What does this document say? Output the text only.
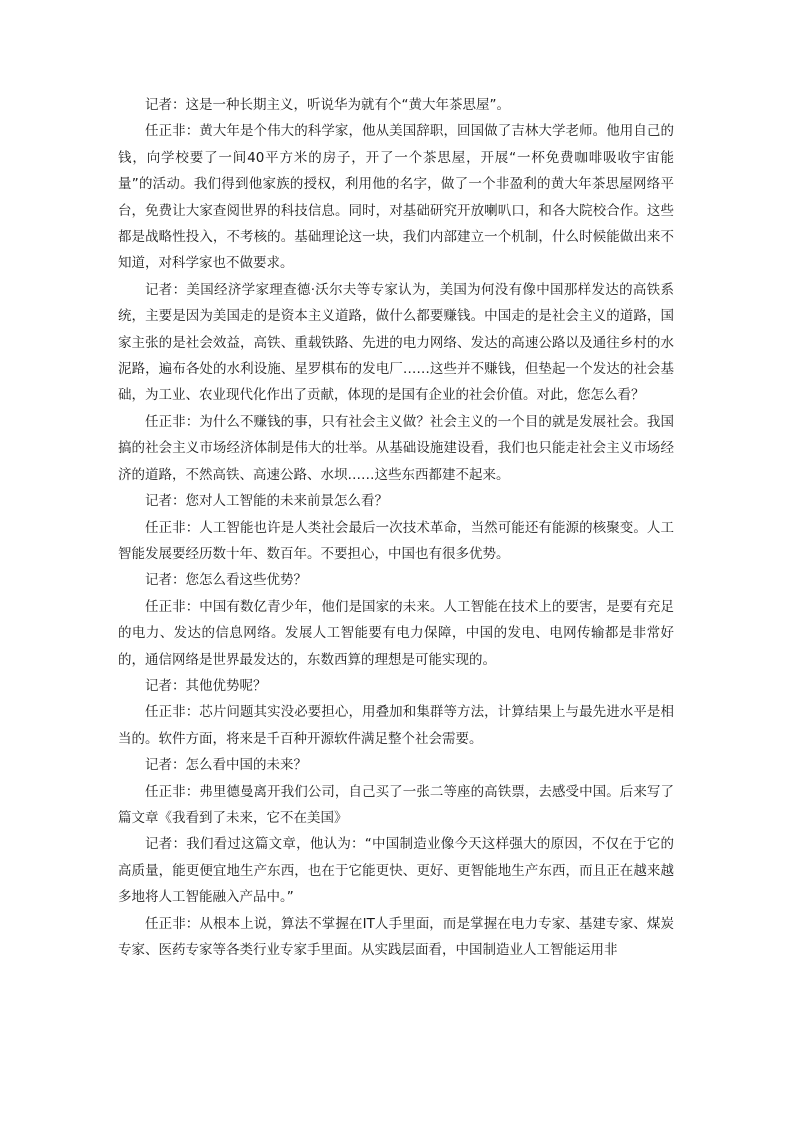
记者：这是一种长期主义，听说华为就有个“黄大年茶思屋”。

任正非：黄大年是个伟大的科学家，他从美国辞职，回国做了吉林大学老师。他用自己的钱，向学校要了一间40平方米的房子，开了一个茶思屋，开展“一杯免费咖啡吸收宇宙能量”的活动。我们得到他家族的授权，利用他的名字，做了一个非盈利的黄大年茶思屋网络平台，免费让大家查阅世界的科技信息。同时，对基础研究开放喇叭口，和各大院校合作。这些都是战略性投入，不考核的。基础理论这一块，我们内部建立一个机制，什么时候能做出来不知道，对科学家也不做要求。

记者：美国经济学家理查德·沃尔夫等专家认为，美国为何没有像中国那样发达的高铁系统，主要是因为美国走的是资本主义道路，做什么都要赚钱。中国走的是社会主义的道路，国家主张的是社会效益，高铁、重载铁路、先进的电力网络、发达的高速公路以及通往乡村的水泥路，遍布各处的水利设施、星罗棋布的发电厂……这些并不赚钱，但垫起一个发达的社会基础，为工业、农业现代化作出了贡献，体现的是国有企业的社会价值。对此，您怎么看？

任正非：为什么不赚钱的事，只有社会主义做？社会主义的一个目的就是发展社会。我国搞的社会主义市场经济体制是伟大的壮举。从基础设施建设看，我们也只能走社会主义市场经济的道路，不然高铁、高速公路、水坝……这些东西都建不起来。

记者：您对人工智能的未来前景怎么看？

任正非：人工智能也许是人类社会最后一次技术革命，当然可能还有能源的核聚变。人工智能发展要经历数十年、数百年。不要担心，中国也有很多优势。

记者：您怎么看这些优势？

任正非：中国有数亿青少年，他们是国家的未来。人工智能在技术上的要害，是要有充足的电力、发达的信息网络。发展人工智能要有电力保障，中国的发电、电网传输都是非常好的，通信网络是世界最发达的，东数西算的理想是可能实现的。

记者：其他优势呢？

任正非：芯片问题其实没必要担心，用叠加和集群等方法，计算结果上与最先进水平是相当的。软件方面，将来是千百种开源软件满足整个社会需要。

记者：怎么看中国的未来？

任正非：弗里德曼离开我们公司，自己买了一张二等座的高铁票，去感受中国。后来写了篇文章《我看到了未来，它不在美国》

记者：我们看过这篇文章，他认为：“中国制造业像今天这样强大的原因，不仅在于它的高质量，能更便宜地生产东西，也在于它能更快、更好、更智能地生产东西，而且正在越来越多地将人工智能融入产品中。”

任正非：从根本上说，算法不掌握在IT人手里面，而是掌握在电力专家、基建专家、煤炭专家、医药专家等各类行业专家手里面。从实践层面看，中国制造业人工智能运用非
